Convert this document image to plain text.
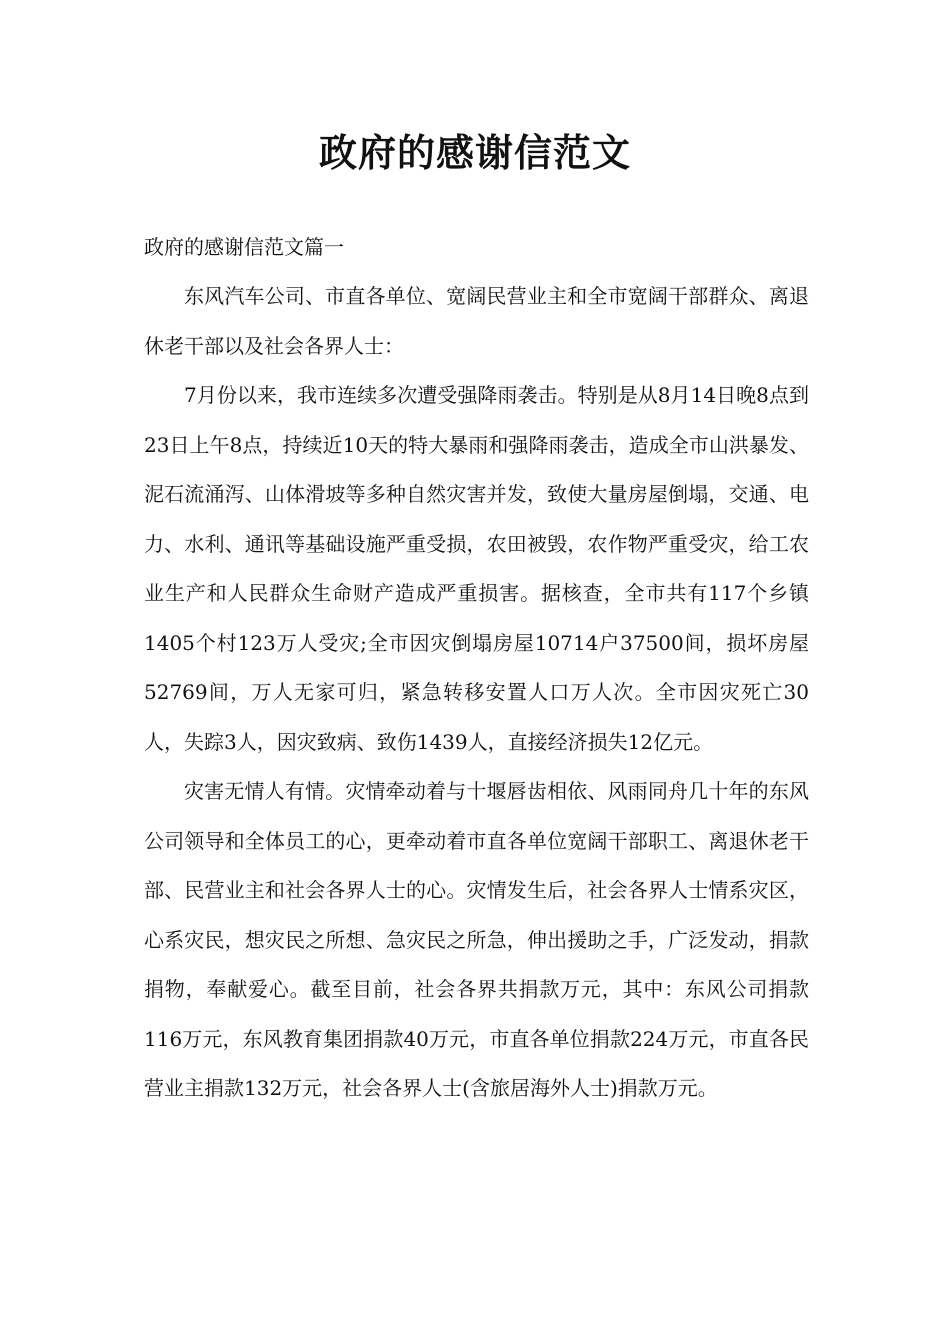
政府的感谢信范文

政府的感谢信范文篇一

东风汽车公司、市直各单位、宽阔民营业主和全市宽阔干部群众、离退休老干部以及社会各界人士：

7月份以来，我市连续多次遭受强降雨袭击。特别是从8月14日晚8点到23日上午8点，持续近10天的特大暴雨和强降雨袭击，造成全市山洪暴发、泥石流涌泻、山体滑坡等多种自然灾害并发，致使大量房屋倒塌，交通、电力、水利、通讯等基础设施严重受损，农田被毁，农作物严重受灾，给工农业生产和人民群众生命财产造成严重损害。据核查，全市共有117个乡镇1405个村123万人受灾;全市因灾倒塌房屋10714户37500间，损坏房屋52769间，万人无家可归，紧急转移安置人口万人次。全市因灾死亡30人，失踪3人，因灾致病、致伤1439人，直接经济损失12亿元。

灾害无情人有情。灾情牵动着与十堰唇齿相依、风雨同舟几十年的东风公司领导和全体员工的心，更牵动着市直各单位宽阔干部职工、离退休老干部、民营业主和社会各界人士的心。灾情发生后，社会各界人士情系灾区，心系灾民，想灾民之所想、急灾民之所急，伸出援助之手，广泛发动，捐款捐物，奉献爱心。截至目前，社会各界共捐款万元，其中：东风公司捐款116万元，东风教育集团捐款40万元，市直各单位捐款224万元，市直各民营业主捐款132万元，社会各界人士(含旅居海外人士)捐款万元。
